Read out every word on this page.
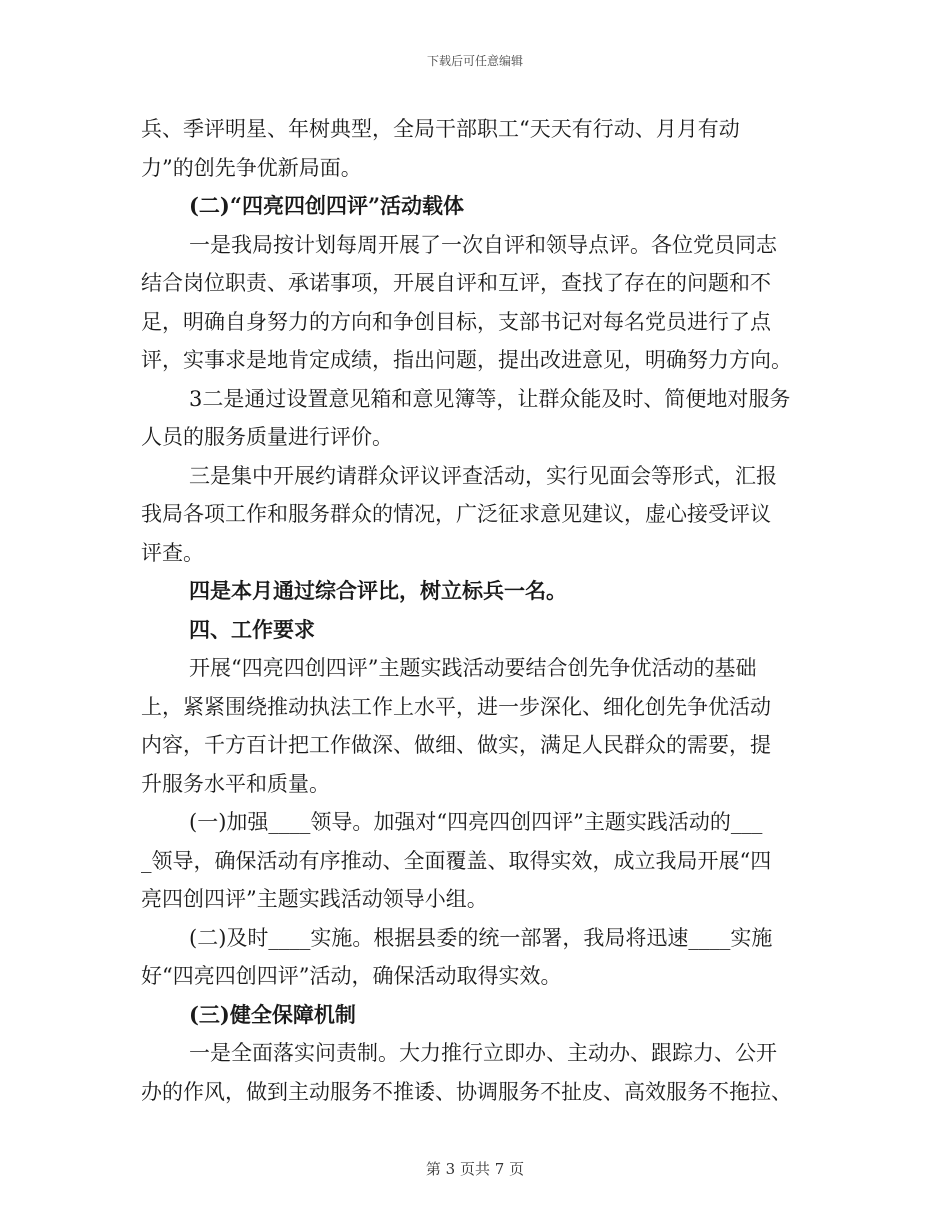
下载后可任意编辑
兵、季评明星、年树典型，全局干部职工“天天有行动、月月有动
力”的创先争优新局面。
(二)“四亮四创四评”活动载体
一是我局按计划每周开展了一次自评和领导点评。各位党员同志
结合岗位职责、承诺事项，开展自评和互评，查找了存在的问题和不
足，明确自身努力的方向和争创目标，支部书记对每名党员进行了点
评，实事求是地肯定成绩，指出问题，提出改进意见，明确努力方向。
3二是通过设置意见箱和意见簿等，让群众能及时、简便地对服务
人员的服务质量进行评价。
三是集中开展约请群众评议评查活动，实行见面会等形式，汇报
我局各项工作和服务群众的情况，广泛征求意见建议，虚心接受评议
评查。
四是本月通过综合评比，树立标兵一名。
四、工作要求
开展“四亮四创四评”主题实践活动要结合创先争优活动的基础
上，紧紧围绕推动执法工作上水平，进一步深化、细化创先争优活动
内容，千方百计把工作做深、做细、做实，满足人民群众的需要，提
升服务水平和质量。
(一)加强____领导。加强对“四亮四创四评”主题实践活动的___
_领导，确保活动有序推动、全面覆盖、取得实效，成立我局开展“四
亮四创四评”主题实践活动领导小组。
(二)及时____实施。根据县委的统一部署，我局将迅速____实施
好“四亮四创四评”活动，确保活动取得实效。
(三)健全保障机制
一是全面落实问责制。大力推行立即办、主动办、跟踪力、公开
办的作风，做到主动服务不推诿、协调服务不扯皮、高效服务不拖拉、
第 3 页共 7 页
